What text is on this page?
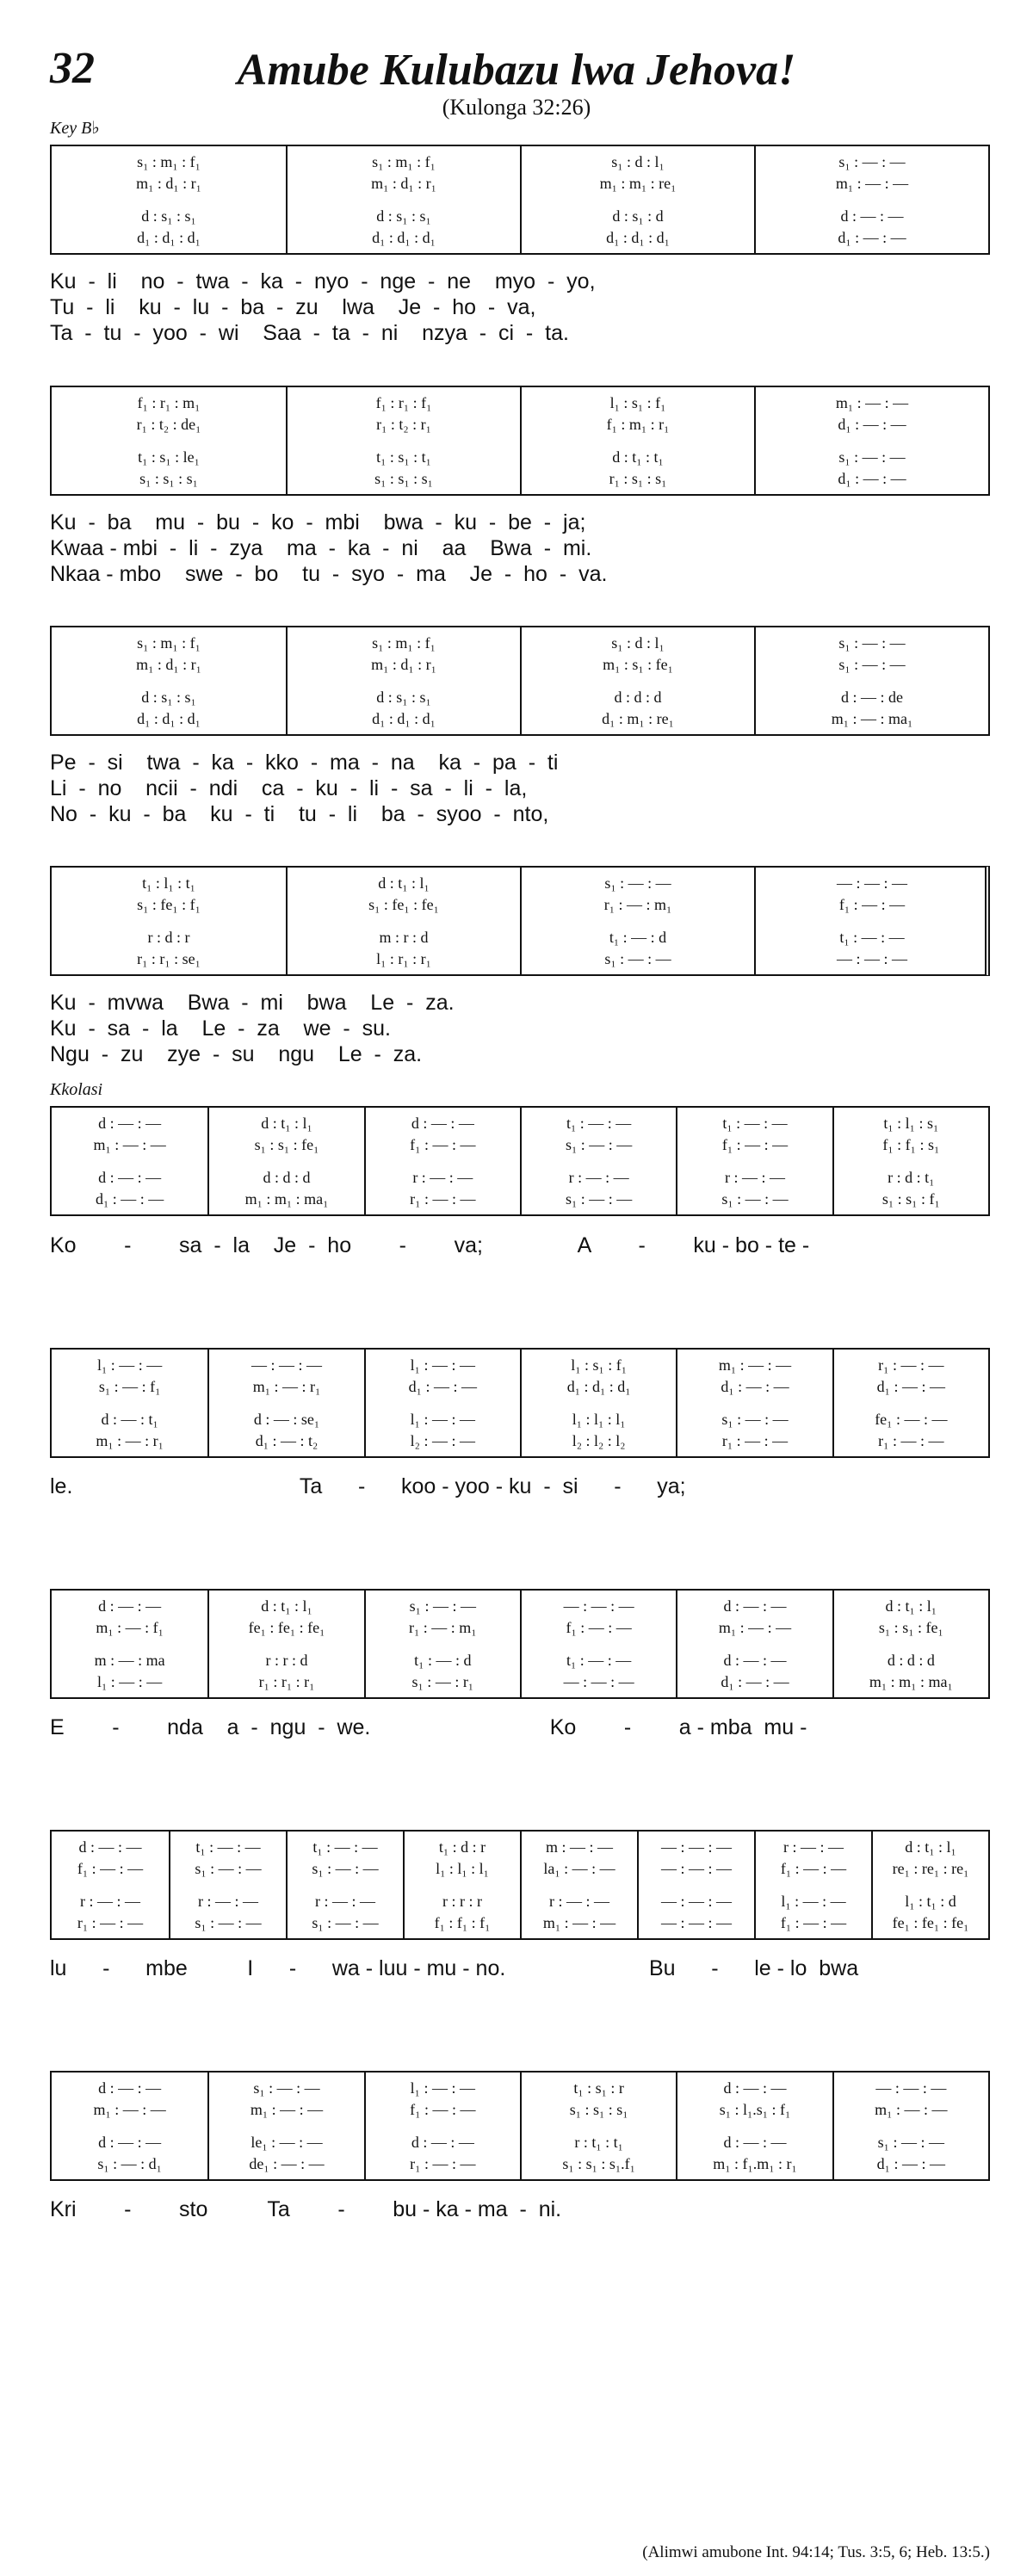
32	Amube Kulubazu lwa Jehova!
(Kulonga 32:26)
Key B♭
Kkolasi
s₁ : m₁ : f₁
m₁ : d₁ : r₁
d : s₁ : s₁
d₁ : d₁ : d₁
s₁ : m₁ : f₁
m₁ : d₁ : r₁
d : s₁ : s₁
d₁ : d₁ : d₁
s₁ : d : l₁
m₁ : m₁ : re₁
d : s₁ : d
d₁ : d₁ : d₁
s₁ : — : —
m₁ : — : —
d : — : —
d₁ : — : —
Ku  -  li    no  -  twa  -  ka  -  nyo  -  nge  -  ne    myo  -  yo,
Tu  -  li    ku  -  lu  -  ba  -  zu    lwa    Je  -  ho  -  va,
Ta  -  tu  -  yoo  -  wi    Saa  -  ta  -  ni    nzya  -  ci  -  ta.
f₁ : r₁ : m₁
r₁ : t₂ : de₁
t₁ : s₁ : le₁
s₁ : s₁ : s₁
f₁ : r₁ : f₁
r₁ : t₂ : r₁
t₁ : s₁ : t₁
s₁ : s₁ : s₁
l₁ : s₁ : f₁
f₁ : m₁ : r₁
d : t₁ : t₁
r₁ : s₁ : s₁
m₁ : — : —
d₁ : — : —
s₁ : — : —
d₁ : — : —
Ku  -  ba    mu  -  bu  -  ko  -  mbi    bwa  -  ku  -  be  -  ja;
Kwaa - mbi  -  li  -  zya    ma  -  ka  -  ni    aa    Bwa  -  mi.
Nkaa - mbo    swe  -  bo    tu  -  syo  -  ma    Je  -  ho  -  va.
s₁ : m₁ : f₁
m₁ : d₁ : r₁
d : s₁ : s₁
d₁ : d₁ : d₁
s₁ : m₁ : f₁
m₁ : d₁ : r₁
d : s₁ : s₁
d₁ : d₁ : d₁
s₁ : d : l₁
m₁ : s₁ : fe₁
d : d : d
d₁ : m₁ : re₁
s₁ : — : —
s₁ : — : —
d : — : de
m₁ : — : ma₁
Pe  -  si    twa  -  ka  -  kko  -  ma  -  na    ka  -  pa  -  ti
Li  -  no    ncii  -  ndi    ca  -  ku  -  li  -  sa  -  li  -  la,
No  -  ku  -  ba    ku  -  ti    tu  -  li    ba  -  syoo  -  nto,
t₁ : l₁ : t₁
s₁ : fe₁ : f₁
r : d : r
r₁ : r₁ : se₁
d : t₁ : l₁
s₁ : fe₁ : fe₁
m : r : d
l₁ : r₁ : r₁
s₁ : — : —
r₁ : — : m₁
t₁ : — : d
s₁ : — : —
— : — : —
f₁ : — : —
t₁ : — : —
— : — : —
Ku  -  mvwa    Bwa  -  mi    bwa    Le  -  za.
Ku  -  sa  -  la    Le  -  za    we  -  su.
Ngu  -  zu    zye  -  su    ngu    Le  -  za.
d : — : —
m₁ : — : —
d : — : —
d₁ : — : —
d : t₁ : l₁
s₁ : s₁ : fe₁
d : d : d
m₁ : m₁ : ma₁
d : — : —
f₁ : — : —
r : — : —
r₁ : — : —
t₁ : — : —
s₁ : — : —
r : — : —
s₁ : — : —
t₁ : — : —
f₁ : — : —
r : — : —
s₁ : — : —
t₁ : l₁ : s₁
f₁ : f₁ : s₁
r : d : t₁
s₁ : s₁ : f₁
Ko        -        sa  -  la    Je  -  ho        -        va;                A        -        ku - bo - te -
l₁ : — : —
s₁ : — : f₁
d : — : t₁
m₁ : — : r₁
— : — : —
m₁ : — : r₁
d : — : se₁
d₁ : — : t₂
l₁ : — : —
d₁ : — : —
l₁ : — : —
l₂ : — : —
l₁ : s₁ : f₁
d₁ : d₁ : d₁
l₁ : l₁ : l₁
l₂ : l₂ : l₂
m₁ : — : —
d₁ : — : —
s₁ : — : —
r₁ : — : —
r₁ : — : —
d₁ : — : —
fe₁ : — : —
r₁ : — : —
le.                                      Ta      -      koo - yoo - ku  -  si      -      ya;
d : — : —
m₁ : — : f₁
m : — : ma
l₁ : — : —
d : t₁ : l₁
fe₁ : fe₁ : fe₁
r : r : d
r₁ : r₁ : r₁
s₁ : — : —
r₁ : — : m₁
t₁ : — : d
s₁ : — : r₁
— : — : —
f₁ : — : —
t₁ : — : —
— : — : —
d : — : —
m₁ : — : —
d : — : —
d₁ : — : —
d : t₁ : l₁
s₁ : s₁ : fe₁
d : d : d
m₁ : m₁ : ma₁
E        -        nda    a  -  ngu  -  we.                              Ko        -        a - mba  mu -
d : — : —
f₁ : — : —
r : — : —
r₁ : — : —
t₁ : — : —
s₁ : — : —
r : — : —
s₁ : — : —
t₁ : — : —
s₁ : — : —
r : — : —
s₁ : — : —
t₁ : d : r
l₁ : l₁ : l₁
r : r : r
f₁ : f₁ : f₁
m : — : —
la₁ : — : —
r : — : —
m₁ : — : —
— : — : —
— : — : —
— : — : —
— : — : —
r : — : —
f₁ : — : —
l₁ : — : —
f₁ : — : —
d : t₁ : l₁
re₁ : re₁ : re₁
l₁ : t₁ : d
fe₁ : fe₁ : fe₁
lu      -      mbe          I      -      wa - luu - mu - no.                        Bu      -      le - lo  bwa
d : — : —
m₁ : — : —
d : — : —
s₁ : — : d₁
s₁ : — : —
m₁ : — : —
le₁ : — : —
de₁ : — : —
l₁ : — : —
f₁ : — : —
d : — : —
r₁ : — : —
t₁ : s₁ : r
s₁ : s₁ : s₁
r : t₁ : t₁
s₁ : s₁ : s₁.f₁
d : — : —
s₁ : l₁.s₁ : f₁
d : — : —
m₁ : f₁.m₁ : r₁
— : — : —
m₁ : — : —
s₁ : — : —
d₁ : — : —
Kri        -        sto          Ta        -        bu - ka - ma  -  ni.
(Alimwi amubone Int. 94:14; Tus. 3:5, 6; Heb. 13:5.)
